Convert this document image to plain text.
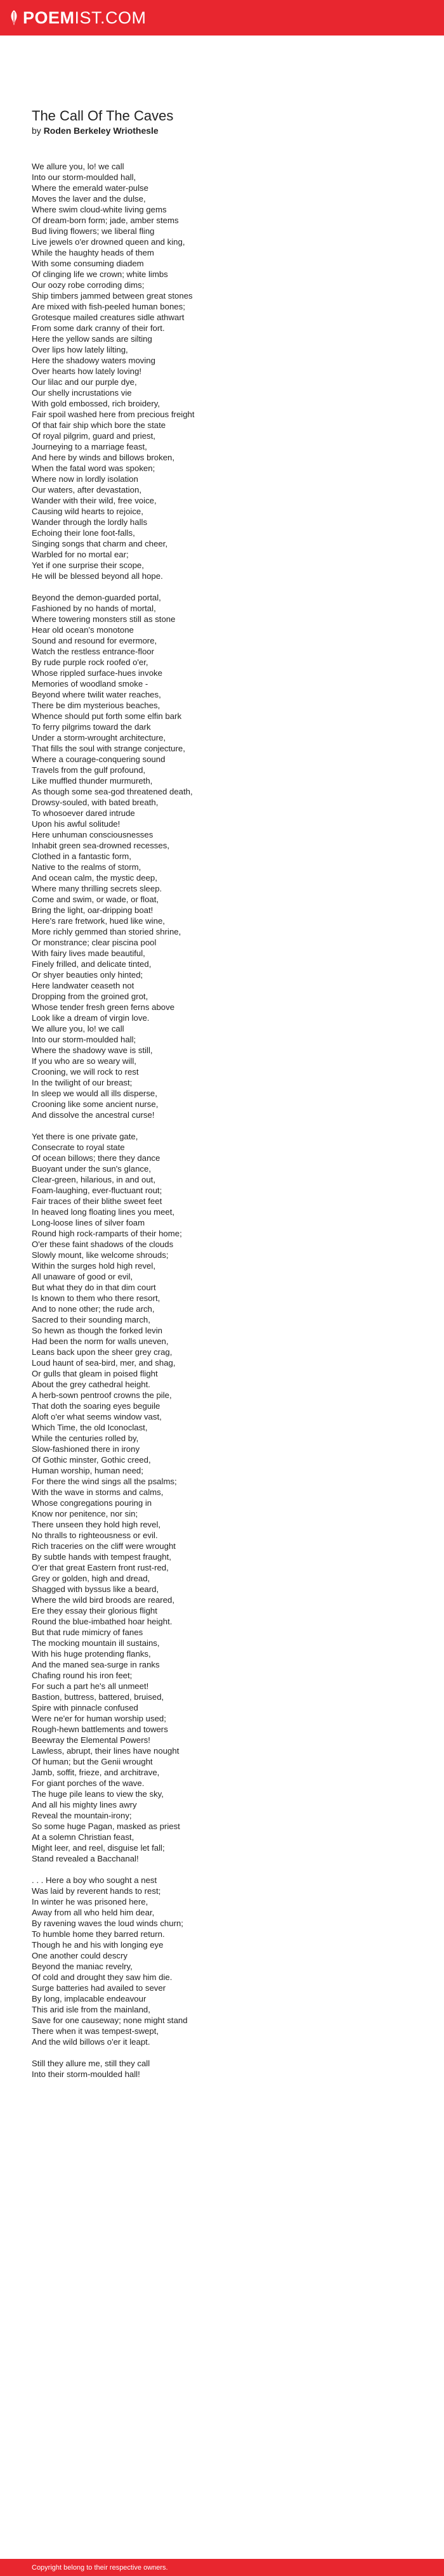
POEMIST.COM
The Call Of The Caves
by Roden Berkeley Wriothesle
We allure you, lo! we call
Into our storm-moulded hall,
Where the emerald water-pulse
Moves the laver and the dulse,
Where swim cloud-white living gems
Of dream-born form; jade, amber stems
Bud living flowers; we liberal fling
Live jewels o'er drowned queen and king,
While the haughty heads of them
With some consuming diadem
Of clinging life we crown; white limbs
Our oozy robe corroding dims;
Ship timbers jammed between great stones
Are mixed with fish-peeled human bones;
Grotesque mailed creatures sidle athwart
From some dark cranny of their fort.
Here the yellow sands are silting
Over lips how lately lilting,
Here the shadowy waters moving
Over hearts how lately loving!
Our lilac and our purple dye,
Our shelly incrustations vie
With gold embossed, rich broidery,
Fair spoil washed here from precious freight
Of that fair ship which bore the state
Of royal pilgrim, guard and priest,
Journeying to a marriage feast,
And here by winds and billows broken,
When the fatal word was spoken;
Where now in lordly isolation
Our waters, after devastation,
Wander with their wild, free voice,
Causing wild hearts to rejoice,
Wander through the lordly halls
Echoing their lone foot-falls,
Singing songs that charm and cheer,
Warbled for no mortal ear;
Yet if one surprise their scope,
He will be blessed beyond all hope.
Beyond the demon-guarded portal,
Fashioned by no hands of mortal,
Where towering monsters still as stone
Hear old ocean's monotone
Sound and resound for evermore,
Watch the restless entrance-floor
By rude purple rock roofed o'er,
Whose rippled surface-hues invoke
Memories of woodland smoke -
Beyond where twilit water reaches,
There be dim mysterious beaches,
Whence should put forth some elfin bark
To ferry pilgrims toward the dark
Under a storm-wrought architecture,
That fills the soul with strange conjecture,
Where a courage-conquering sound
Travels from the gulf profound,
Like muffled thunder murmureth,
As though some sea-god threatened death,
Drowsy-souled, with bated breath,
To whosoever dared intrude
Upon his awful solitude!
Here unhuman consciousnesses
Inhabit green sea-drowned recesses,
Clothed in a fantastic form,
Native to the realms of storm,
And ocean calm, the mystic deep,
Where many thrilling secrets sleep.
Come and swim, or wade, or float,
Bring the light, oar-dripping boat!
Here's rare fretwork, hued like wine,
More richly gemmed than storied shrine,
Or monstrance; clear piscina pool
With fairy lives made beautiful,
Finely frilled, and delicate tinted,
Or shyer beauties only hinted;
Here landwater ceaseth not
Dropping from the groined grot,
Whose tender fresh green ferns above
Look like a dream of virgin love.
We allure you, lo! we call
Into our storm-moulded hall;
Where the shadowy wave is still,
If you who are so weary will,
Crooning, we will rock to rest
In the twilight of our breast;
In sleep we would all ills disperse,
Crooning like some ancient nurse,
And dissolve the ancestral curse!
Yet there is one private gate,
Consecrate to royal state
Of ocean billows; there they dance
Buoyant under the sun's glance,
Clear-green, hilarious, in and out,
Foam-laughing, ever-fluctuant rout;
Fair traces of their blithe sweet feet
In heaved long floating lines you meet,
Long-loose lines of silver foam
Round high rock-ramparts of their home;
O'er these faint shadows of the clouds
Slowly mount, like welcome shrouds;
Within the surges hold high revel,
All unaware of good or evil,
But what they do in that dim court
Is known to them who there resort,
And to none other; the rude arch,
Sacred to their sounding march,
So hewn as though the forked levin
Had been the norm for walls uneven,
Leans back upon the sheer grey crag,
Loud haunt of sea-bird, mer, and shag,
Or gulls that gleam in poised flight
About the grey cathedral height.
A herb-sown pentroof crowns the pile,
That doth the soaring eyes beguile
Aloft o'er what seems window vast,
Which Time, the old Iconoclast,
While the centuries rolled by,
Slow-fashioned there in irony
Of Gothic minster, Gothic creed,
Human worship, human need;
For there the wind sings all the psalms;
With the wave in storms and calms,
Whose congregations pouring in
Know nor penitence, nor sin;
There unseen they hold high revel,
No thralls to righteousness or evil.
Rich traceries on the cliff were wrought
By subtle hands with tempest fraught,
O'er that great Eastern front rust-red,
Grey or golden, high and dread,
Shagged with byssus like a beard,
Where the wild bird broods are reared,
Ere they essay their glorious flight
Round the blue-imbathed hoar height.
But that rude mimicry of fanes
The mocking mountain ill sustains,
With his huge protending flanks,
And the maned sea-surge in ranks
Chafing round his iron feet;
For such a part he's all unmeet!
Bastion, buttress, battered, bruised,
Spire with pinnacle confused
Were ne'er for human worship used;
Rough-hewn battlements and towers
Beewray the Elemental Powers!
Lawless, abrupt, their lines have nought
Of human; but the Genii wrought
Jamb, soffit, frieze, and architrave,
For giant porches of the wave.
The huge pile leans to view the sky,
And all his mighty lines awry
Reveal the mountain-irony;
So some huge Pagan, masked as priest
At a solemn Christian feast,
Might leer, and reel, disguise let fall;
Stand revealed a Bacchanal!
. . . Here a boy who sought a nest
Was laid by reverent hands to rest;
In winter he was prisoned here,
Away from all who held him dear,
By ravening waves the loud winds churn;
To humble home they barred return.
Though he and his with longing eye
One another could descry
Beyond the maniac revelry,
Of cold and drought they saw him die.
Surge batteries had availed to sever
By long, implacable endeavour
This arid isle from the mainland,
Save for one causeway; none might stand
There when it was tempest-swept,
And the wild billows o'er it leapt.
Still they allure me, still they call
Into their storm-moulded hall!
Copyright belong to their respective owners.
